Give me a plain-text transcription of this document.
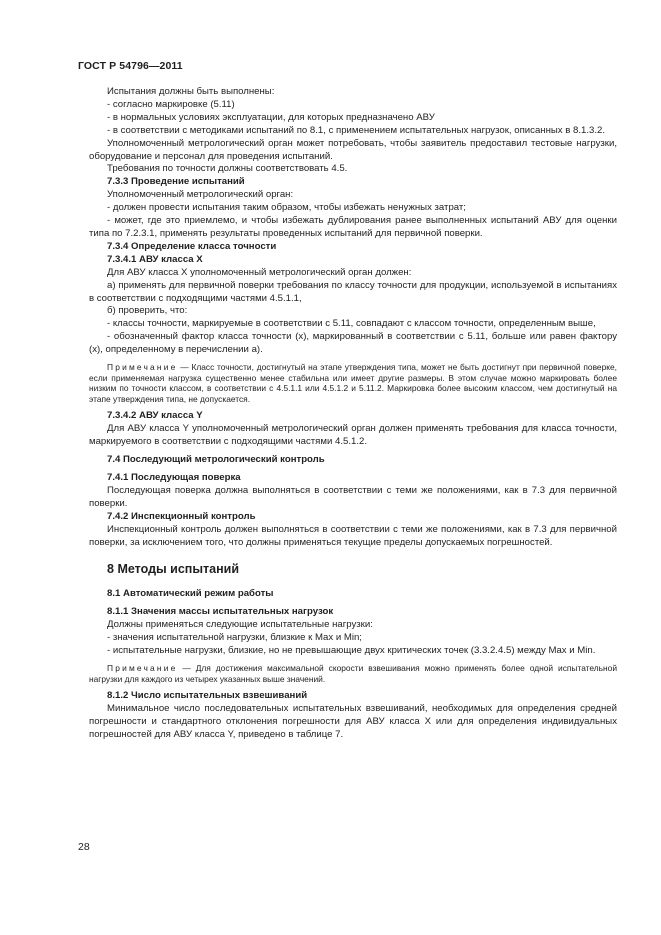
ГОСТ Р 54796—2011

Испытания должны быть выполнены:

- согласно маркировке (5.11)

- в нормальных условиях эксплуатации, для которых предназначено АВУ

- в соответствии с методиками испытаний по 8.1, с применением испытательных нагрузок, описанных в 8.1.3.2.

Уполномоченный метрологический орган может потребовать, чтобы заявитель предоставил тестовые нагрузки, оборудование и персонал для проведения испытаний.

Требования по точности должны соответствовать 4.5.

7.3.3 Проведение испытаний

Уполномоченный метрологический орган:

- должен провести испытания таким образом, чтобы избежать ненужных затрат;

- может, где это приемлемо, и чтобы избежать дублирования ранее выполненных испытаний АВУ для оценки типа по 7.2.3.1, применять результаты проведенных испытаний для первичной поверки.

7.3.4 Определение класса точности
7.3.4.1 АВУ класса X

Для АВУ класса X уполномоченный метрологический орган должен:

а) применять для первичной поверки требования по классу точности для продукции, используемой в испытаниях в соответствии с подходящими частями 4.5.1.1,

б) проверить, что:

- классы точности, маркируемые в соответствии с 5.11, совпадают с классом точности, определенным выше,

- обозначенный фактор класса точности (x), маркированный в соответствии с 5.11, больше или равен фактору (x), определенному в перечислении а).

Примечание — Класс точности, достигнутый на этапе утверждения типа, может не быть достигнут при первичной поверке, если применяемая нагрузка существенно менее стабильна или имеет другие размеры. В этом случае можно маркировать более низким по точности классом, в соответствии с 4.5.1.1 или 4.5.1.2 и 5.11.2. Маркировка более высоким классом, чем достигнутый на этапе утверждения типа, не допускается.

7.3.4.2 АВУ класса Y

Для АВУ класса Y уполномоченный метрологический орган должен применять требования для класса точности, маркируемого в соответствии с подходящими частями 4.5.1.2.

7.4 Последующий метрологический контроль
7.4.1 Последующая поверка

Последующая поверка должна выполняться в соответствии с теми же положениями, как в 7.3 для первичной поверки.

7.4.2 Инспекционный контроль

Инспекционный контроль должен выполняться в соответствии с теми же положениями, как в 7.3 для первичной поверки, за исключением того, что должны применяться текущие пределы допускаемых погрешностей.

8 Методы испытаний
8.1 Автоматический режим работы
8.1.1 Значения массы испытательных нагрузок

Должны применяться следующие испытательные нагрузки:

- значения испытательной нагрузки, близкие к Max и Min;

- испытательные нагрузки, близкие, но не превышающие двух критических точек (3.3.2.4.5) между Max и Min.

Примечание — Для достижения максимальной скорости взвешивания можно применять более одной испытательной нагрузки для каждого из четырех указанных выше значений.

8.1.2 Число испытательных взвешиваний

Минимальное число последовательных испытательных взвешиваний, необходимых для определения средней погрешности и стандартного отклонения погрешности для АВУ класса X или для определения индивидуальных погрешностей для АВУ класса Y, приведено в таблице 7.

28
